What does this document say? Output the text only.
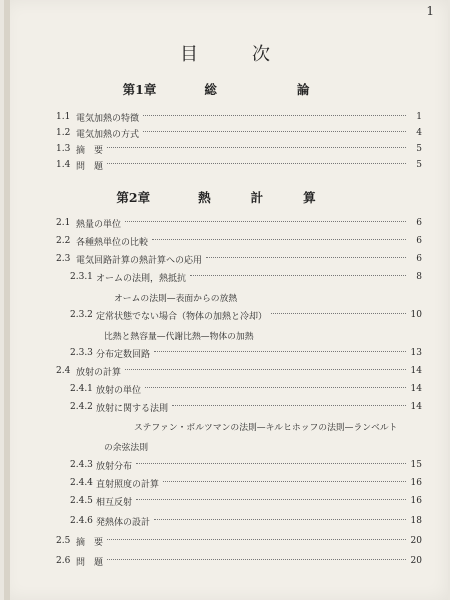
1
目	次
第1章	総	論
1.1 電気加熱の特徴	1
1.2 電気加熱の方式	4
1.3 摘　要	5
1.4 問　題	5
第2章	熱	計	算
2.1 熱量の単位	6
2.2 各種熱単位の比較	6
2.3 電気回路計算の熱計算への応用	6
2.3.1 オームの法則，熱抵抗	8
オームの法則—表面からの放熱
2.3.2 定常状態でない場合（物体の加熱と冷却）	10
比熱と熱容量—代謝比熱—物体の加熱
2.3.3 分布定数回路	13
2.4 放射の計算	14
2.4.1 放射の単位	14
2.4.2 放射に関する法則	14
ステファン・ボルツマンの法則—キルヒホッフの法則—ランベルト
の余弦法則
2.4.3 放射分布	15
2.4.4 直射照度の計算	16
2.4.5 相互反射	16
2.4.6 発熱体の設計	18
2.5 摘　要	20
2.6 問　題	20
